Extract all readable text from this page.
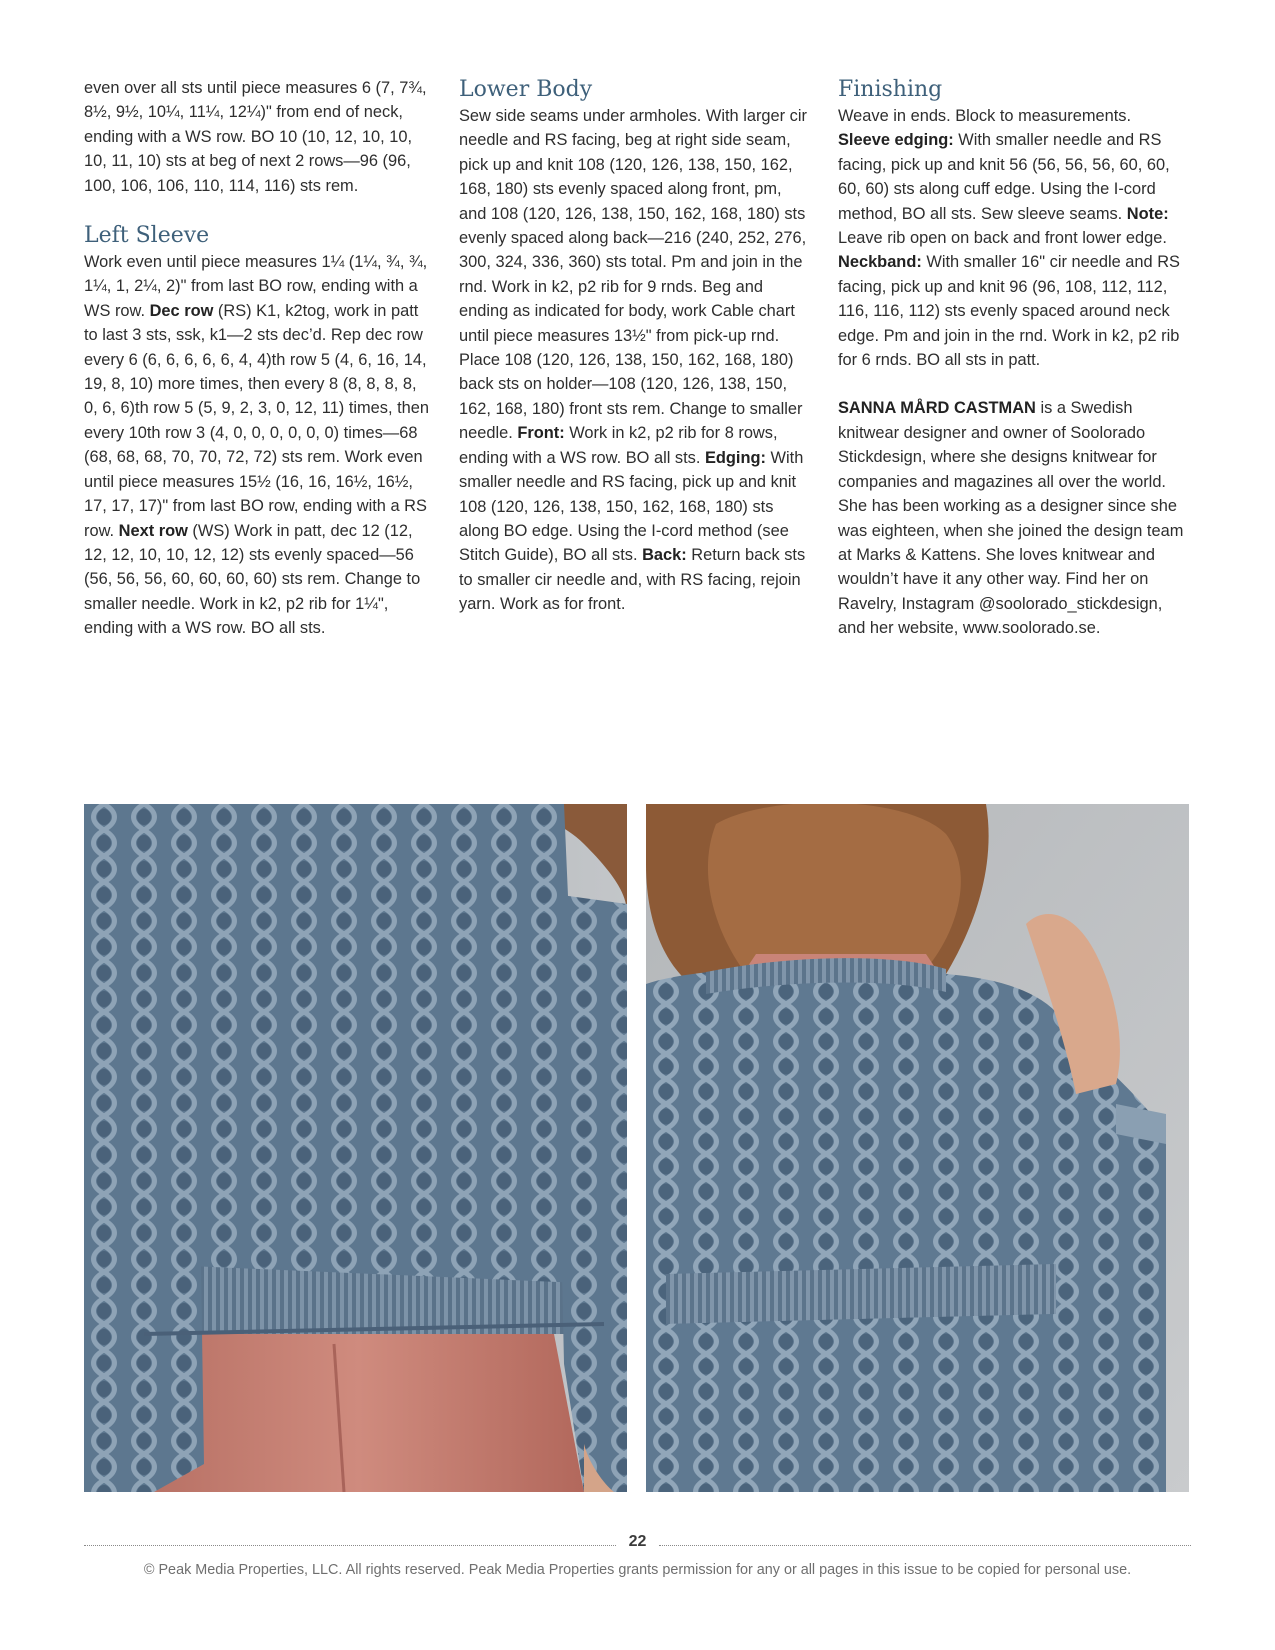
even over all sts until piece measures 6 (7, 7¾, 8½, 9½, 10¼, 11¼, 12¼)" from end of neck, ending with a WS row. BO 10 (10, 12, 10, 10, 10, 11, 10) sts at beg of next 2 rows—96 (96, 100, 106, 106, 110, 114, 116) sts rem.

Left Sleeve

Work even until piece measures 1¼ (1¼, ¾, ¾, 1¼, 1, 2¼, 2)" from last BO row, ending with a WS row. Dec row (RS) K1, k2tog, work in patt to last 3 sts, ssk, k1—2 sts dec’d. Rep dec row every 6 (6, 6, 6, 6, 6, 4, 4)th row 5 (4, 6, 16, 14, 19, 8, 10) more times, then every 8 (8, 8, 8, 8, 0, 6, 6)th row 5 (5, 9, 2, 3, 0, 12, 11) times, then every 10th row 3 (4, 0, 0, 0, 0, 0, 0) times—68 (68, 68, 68, 70, 70, 72, 72) sts rem. Work even until piece measures 15½ (16, 16, 16½, 16½, 17, 17, 17)" from last BO row, ending with a RS row. Next row (WS) Work in patt, dec 12 (12, 12, 12, 10, 10, 12, 12) sts evenly spaced—56 (56, 56, 56, 60, 60, 60, 60) sts rem. Change to smaller needle. Work in k2, p2 rib for 1¼", ending with a WS row. BO all sts.

Lower Body

Sew side seams under armholes. With larger cir needle and RS facing, beg at right side seam, pick up and knit 108 (120, 126, 138, 150, 162, 168, 180) sts evenly spaced along front, pm, and 108 (120, 126, 138, 150, 162, 168, 180) sts evenly spaced along back—216 (240, 252, 276, 300, 324, 336, 360) sts total. Pm and join in the rnd. Work in k2, p2 rib for 9 rnds. Beg and ending as indicated for body, work Cable chart until piece measures 13½" from pick-up rnd. Place 108 (120, 126, 138, 150, 162, 168, 180) back sts on holder—108 (120, 126, 138, 150, 162, 168, 180) front sts rem. Change to smaller needle. Front: Work in k2, p2 rib for 8 rows, ending with a WS row. BO all sts. Edging: With smaller needle and RS facing, pick up and knit 108 (120, 126, 138, 150, 162, 168, 180) sts along BO edge. Using the I-cord method (see Stitch Guide), BO all sts. Back: Return back sts to smaller cir needle and, with RS facing, rejoin yarn. Work as for front.

Finishing

Weave in ends. Block to measurements. Sleeve edging: With smaller needle and RS facing, pick up and knit 56 (56, 56, 56, 60, 60, 60, 60) sts along cuff edge. Using the I-cord method, BO all sts. Sew sleeve seams. Note: Leave rib open on back and front lower edge. Neckband: With smaller 16" cir needle and RS facing, pick up and knit 96 (96, 108, 112, 112, 116, 116, 112) sts evenly spaced around neck edge. Pm and join in the rnd. Work in k2, p2 rib for 6 rnds. BO all sts in patt.

SANNA MÅRD CASTMAN is a Swedish knitwear designer and owner of Soolorado Stickdesign, where she designs knitwear for companies and magazines all over the world. She has been working as a designer since she was eighteen, when she joined the design team at Marks & Kattens. She loves knitwear and wouldn’t have it any other way. Find her on Ravelry, Instagram @soolorado_stickdesign, and her website, www.soolorado.se.

22
© Peak Media Properties, LLC. All rights reserved. Peak Media Properties grants permission for any or all pages in this issue to be copied for personal use.
